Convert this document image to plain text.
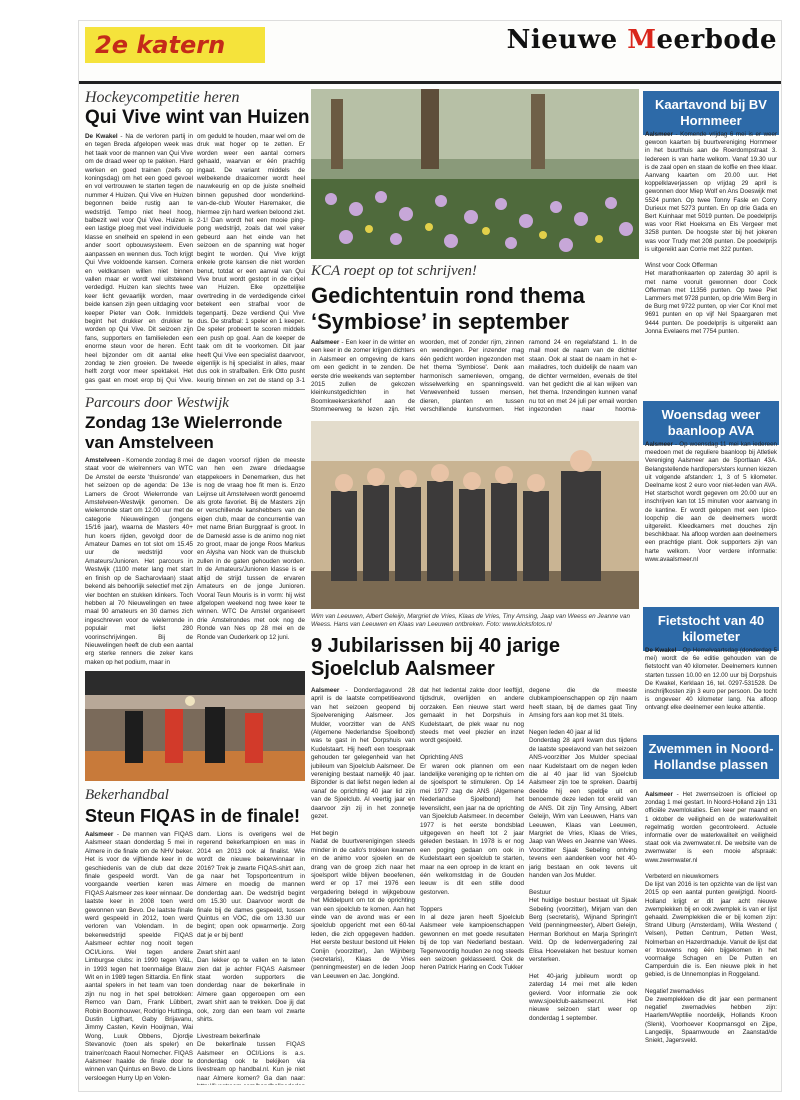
2e katern	Nieuwe Meerbode
Hockeycompetitie heren
Qui Vive wint van Huizen
De Kwakel - Na de verloren partij in en tegen Breda afgelopen week was het taak voor de mannen van Qui Vive om de draad weer op te pakken. Hard werken en goed trainen (zelfs op koningsdag) om het een goed gevoel en vol vertrouwen te starten tegen de nummer 4 Huizen. Qui Vive en Huizen begonnen beide rustig aan te wedstrijd. Tempo niet heel hoog, balbezit wel voor Qui Vive. Huizen is een lastige ploeg met veel individuele klasse en snelheid en spelend in een ander soort opbouwsysteem. Even aanpassen en wennen dus. Toch krijgt Qui Vive voldoende kansen. Cornera en veldkansen willen niet binnen vallen maar er wordt wel uitstekend verdedigd. Huizen kan slechts twee keer licht gevaarlijk worden, maar beide kansen zijn geen uitdaging voor keeper Pieter van Oolk. Inmiddels begint het drukker en drukker te worden op Qui Vive. Dit seizoen zijn fans, supporters en familieleden een enorme steun voor de heren. Echt heel bijzonder om dit aantal elke zondag te zien groeien. De tweede helft zorgt voor meer spektakel. Het gas gaat en moet erop bij Qui Vive.
om geduld te houden, maar wel om de druk wat hoger op te zetten. Er worden weer een aantal corners gehaald, waarvan er één prachtig ingaat. De variant middels de welbekende draaicorner wordt heel nauwkeurig en op de juiste snelheid binnen gepushed door wonderkind-van-de-club Wouter Haremaker, die hiermee zijn hard werken beloond ziet. 2-1! Dan wordt het een mooie ping-pong wedstrijd, zoals dat wel vaker gebeurd aan het einde van het seizoen en de spanning wat hoger begint te worden. Qui Vive krijgt enkele grote kansen die niet worden benut, totdat er een aanval van Qui Vive bruut wordt gestopt in de cirkel van Huizen. Elke opzettelijke overtreding in de verdedigende cirkel betekent een strafbal voor de tegenpartij. Deze verdiend Qui Vive dus. De strafbal: 1 speler en 1 keeper. De speler probeert te scoren middels een push op goal. Aan de keeper de taak om dit te voorkomen. Dit jaar heeft Qui Vive een specialist daarvoor, eigenlijk is hij specialist in alles, maar dus ook in strafballen. Erik Otto pusht keurig binnen en zet de stand op 3-1
KCA roept op tot schrijven!
Gedichtentuin rond thema
‘Symbiose’ in september
Aalsmeer - Een keer in de winter en een keer in de zomer krijgen dichters in Aalsmeer en omgeving de kans om een gedicht in te zenden. De eerste drie weekends van september 2015 zullen de gekozen kleinkunstgedichten in het Boomkwekerskerkhof aan de Stommeerweg te lezen zijn. Het
woorden, met of zonder rijm, zinnen en wendingen. Per inzender mag één gedicht worden ingezonden met het thema 'Symbiose'. Denk aan harmonisch samenleven, omgang, wisselwerking en spanningsveld. Verwevenheid tussen mensen, dieren, planten en tussen verschillende kunstvormen. Het
ramond 24 en regelafstand 1. In de mail moet de naam van de dichter staan. Ook al staat de naam in het e-mailadres, toch duidelijk de naam van de dichter vermelden, evenals de titel van het gedicht die al kan wijken van het thema. Inzendingen kunnen vanaf nu tot en met 24 juli per email worden ingezonden naar hoorna-
Parcours door Westwijk
Zondag 13e Wielerronde
van Amstelveen
Amstelveen - Komende zondag 8 mei staat voor de wielrenners van WTC De Amstel de eerste 'thuisronde' van het seizoen op de agenda: De 13e Lamers de Groot Wielerronde van Amstelveen-Westwijk genomen. De wielerronde start om 12.00 uur met de categorie Nieuwelingen (jongens 15/16 jaar), waarna de Masters 40+ hun koers rijden, gevolgd door de Amateur Dames en tot slot om 15.45 uur de wedstrijd voor Amateurs/Junioren. Het parcours in Westwijk (1100 meter lang met start en finish op de Sacharovlaan) staat bekend als behoorlijk selectief met zijn vier bochten en stukken klinkers. Toch hebben al 70 Nieuwelingen en twee maal 90 amateurs en 30 dames zich ingeschreven voor de wielerronde in populair met liefst 280 voorinschrijvingen. Bij de Nieuwelingen heeft de club een aantal erg sterke renners die zeker kans maken op het podium, maar in
de dagen voorsof rijden de meeste van hen een zware driedaagse etappekoers in Denemarken, dus het is nog de vraag hoe fit men is. Enzo Leijnse uit Amstelveen wordt genoemd als grote favoriet. Bij de Masters zijn er verschillende kanshebbers van de eigen club, maar de concurrentie van met name Brian Burggraaf is groot. In de Dameskl asse is de animo nog niet zo groot, maar de jonge Roos Markus en Alysha van Nock van de thuisclub zullen in de gaten gehouden worden. In de Amateurs/Junioren klasse is er altijd de strijd tussen de ervaren Amateurs en de jonge Junioren. Vooral Teun Mouris is in vorm: hij wist afgelopen weekend nog twee keer te winnen. WTC De Amstel organiseert drie Amstelrondes met ook nog de Ronde van Nes op 28 mei en de Ronde van Ouderkerk op 12 juni.
Wim van Leeuwen, Albert Geleijn, Margriet de Vries, Klaas de Vries, Tiny Amsing, Jaap van Weess en Jeanne van Weess. Hans van Leeuwen en Klaas van Leeuwen ontbreken. Foto: www.kicksfotos.nl
9 Jubilarissen bij 40 jarige
Sjoelclub Aalsmeer
Aalsmeer - Donderdagavond 28 april is de laatste competitieavond van het seizoen geopend bij Sjoelvereniging Aalsmeer. Jos Mulder, voorzitter van de ANS (Algemene Nederlandse Sjoelbond) was te gast in het Dorpshuis van Kudelstaart. Hij heeft een toespraak gehouden ter gelegenheid van het jubileum van Sjoelclub Aalsmeer. De vereniging bestaat namelijk 40 jaar. Bijzonder is dat liefst negen leden al vanaf de oprichting 40 jaar lid zijn van de Sjoelclub. Al veertig jaar en daarvoor zijn zij in het zonnetje gezet.

Het begin
Nadat de buurtverenigingen steeds minder in de callo's trokken kwamen en de animo voor sjoelen en de drang van de groep zich naar het sjoelsport wilde blijven beoefenen, werd er op 17 mei 1976 een vergadering belegd in wijkgebouw het Middelpunt om tot de oprichting van een sjoelclub te komen. Aan het einde van de avond was er een sjoelclub opgericht met een 60-tal leden, die zich opgegeven hadden. Het eerste bestuur bestond uit Helen Conijn (voorzitter), Jan Wijnberg (secretaris), Klaas de Vries (penningmeester) en de leden Joop van Leeuwen en Jac. Jongkind.
dat het ledental zakte door leeftijd, tijdsdruk, overlijden en andere oorzaken. Een nieuwe start werd gemaakt in het Dorpshuis in Kudelstaart, de plek waar nu nog steeds met veel plezier en inzet wordt gesjoeld.

Oprichting ANS
Er waren ook plannen om een landelijke vereniging op te richten om de sjoelsport te stimuleren. Op 14 mei 1977 zag de ANS (Algemene Nederlandse Sjoelbond) het levenslicht, een jaar na de oprichting van Sjoelclub Aalsmeer. In december 1977 is het eerste bondsblad uitgegeven en heeft tot 2 jaar geleden bestaan. In 1978 is er nog een poging gedaan om ook in Kudelstaart een sjoelclub te starten, maar na een oproep in de krant en één welkomstdag in de Gouden leeuw is dit een stille dood gestorven.

Toppers
In al deze jaren heeft Sjoelclub Aalsmeer vele kampioenschappen gewonnen en met goede resultaten bij de top van Nederland bestaan. Tegenwoordig houden ze nog steeds een seizoen geklasseerd. Ook de heren Patrick Haring en Cock Tukker
degene die de meeste clubkampioenschappen op zijn naam heeft staan, bij de dames gaat Tiny Amsing fors aan kop met 31 titels.

Negen leden 40 jaar al lid
Donderdag 28 april kwam dus tijdens de laatste speelavond van het seizoen ANS-voorzitter Jos Mulder speciaal naar Kudelstaart om de negen leden die al 40 jaar lid van Sjoelclub Aalsmeer zijn toe te spreken. Daarbij deelde hij een speldje uit en benoemde deze leden tot erelid van de ANS. Dit zijn Tiny Amsing, Albert Geleijn, Wim van Leeuwen, Hans van Leeuwen, Klaas van Leeuwen, Margriet de Vries, Klaas de Vries, Jaap van Wees en Jeanne van Wees. Voorzitter Sjaak Sebeling ontving tevens een aandenken voor het 40-jarig bestaan en ook tevens uit handen van Jos Mulder.

Bestuur
Het huidige bestuur bestaat uit Sjaak Sebeling (voorzitter), Mirjam van den Berg (secretaris), Wijnand Springin't Veld (penningmeester), Albert Geleijn, Herman Borkhout en Marja Springin't Veld. Op de ledenvergadering zal Elisa Hoevelaken het bestuur komen versterken.

Het 40-jarig jubileum wordt op zaterdag 14 mei met alle leden gevierd. Voor informatie zie ook www.sjoelclub-aalsmeer.nl. Het nieuwe seizoen start weer op donderdag 1 september.
Bekerhandbal
Steun FIQAS in de finale!
Aalsmeer - De mannen van FIQAS Aalsmeer staan donderdag 5 mei in Almere in de finale om de NHV beker. Het is voor de vijftiende keer in de geschiedenis van de club dat deze finale gespeeld wordt. Van de voorgaande veertien keren was FIQAS Aalsmeer zes keer winnaar. De laatste keer in 2008 toen werd gewonnen van Bevo. De laatste finale werd gespeeld in 2012, toen werd verloren van Volendam. In de bekerwedstrijd speelde FIQAS Aalsmeer echter nog nooit tegen OCI/Lions. Wel tegen andere Limburgse clubs: in 1990 tegen V&L, in 1993 tegen het toenmalige Blauw Wit en in 1989 tegen Sittardia. En flink aantal spelers in het team van toen zijn nu nog in het spel betrokken: Remco van Dam, Frank Lübbert, Robin Boomhouwer, Rodrigo Huttinga, Dustin Ligthart, Gaby Brijavanu, Jimmy Casten, Kevin Hooijman, Wai Wong, Luuk Obbens, Djordje Stevanovic (toen als speler) en trainer/coach Raoul Nomecher. FIQAS Aalsmeer haalde de finale door te winnen van Quintus en Bevo. de Lions versloegen Hurry Up en Volen-
dam. Lions is overigens wel de regerend bekerkampioen en was in 2014 en 2013 ook al finalist. Wie wordt de nieuwe bekerwinnaar in 2016? Trek je zwarte FIQAS-shirt aan, ga naar het Topsportcentrum in Almere en moedig de mannen donderdag aan. De wedstrijd begint om 15.30 uur. Daarvoor wordt de finale bij de dames gespeeld, tussen Quintus en VOC, die om 13.30 uur begint; open ook opwarmertje. Zorg dat je er bij bent!

Zwart shirt aan!
Dan lekker op te vallen en te laten zien dat je achter FIQAS Aalsmeer staat worden supporters die donderdag naar de bekerfinale in Almere gaan opgeroepen om een zwart shirt aan te trekken. Doe jij dat ook, zorg dan een team vol zwarte shirts.

Livestream bekerfinale
De bekerfinale tussen FIQAS Aalsmeer en OCI/Lions is a.s. donderdag ook te bekijken via livestream op handbal.nl. Kun je niet naar Almere komen? Ga dan naar:
Kaartavond bij BV Hornmeer
Aalsmeer - Komende vrijdag 6 mei is er weer gewoon kaarten bij buurtvereniging Hornmeer in het buurthuis aan de Roerdompstraat 3. Iedereen is van harte welkom. Vanaf 19.30 uur is de zaal open en staan de koffie en thee klaar. Aanvang kaarten om 20.00 uur. Het koppelklaverjassen op vrijdag 29 april is gewonnen door Miep Wolf en Ans Doeswijk met 5524 punten. Op twee Tonny Fasle en Corry Durieux met 5273 punten. En op drie Gada en Bert Kuinhaar met 5019 punten. De poedelprijs was voor Riet Hoeksma en Els Vergeer met 3258 punten. De hoogste ster bij het jokeren was voor Trudy met 208 punten. De poedelprijs is uitgereikt aan Corrie met 322 punten.

Winst voor Cock Offerman
Het marathonkaarten op zaterdag 30 april is met name vooruit gewonnen door Cock Offerman met 11356 punten. Op twee Piet Lammers met 9728 punten, op drie Wim Berg in de Burg met 9722 punten, op vier Cor Knol met 9691 punten en op vijf Nel Spaargaren met 9444 punten. De poedelprijs is uitgereikt aan Jonna Evelaens met 7754 punten.
Woensdag weer baanloop AVA
Aalsmeer - Op woensdag 11 mei kan iedereen meedoen met de reguliere baanloop bij Atletiek Vereniging Aalsmeer aan de Sportlaan 43A. Belangstellende hardlopers/sters kunnen kiezen uit volgende afstanden: 1, 3 of 5 kilometer. Deelname kost 2 euro voor niet-leden van AVA. Het startschot wordt gegeven om 20.00 uur en inschrijven kan tot 15 minuten voor aanvang in de kantine. Er wordt gelopen met een Ipico-loopchip die aan de deelnemers wordt uitgereikt. Kleedkamers met douches zijn beschikbaar. Na afloop worden aan deelnemers een prachtige plant. Ook supporters zijn van harte welkom. Voor verdere informatie: www.avaalsmeer.nl
Fietstocht van 40 kilometer
De Kwakel - Op Hemelvaartsdag (donderdag 5 mei) wordt de 6e editie gehouden van de fietstocht van 40 kilometer. Deelnemers kunnen starten tussen 10.00 en 12.00 uur bij Dorpshuis De Kwakel, Kerklaan 16, tel. 0297-531528. De inschrijfkosten zijn 3 euro per persoon. De tocht is ongeveer 40 kilometer lang. Na afloop ontvangt elke deelnemer een leuke attentie.
Zwemmen in Noord-Hollandse plassen
Aalsmeer - Het zwemseizoen is officieel op zondag 1 mei gestart. In Noord-Holland zijn 131 officiële zwemlokaties. Een keer per maand en 1 oktober de veiligheid en de waterkwaliteit regelmatig worden gecontroleerd. Actuele informatie over de waterkwaliteit en veiligheid staat ook via zwemwater.nl. De website van de zwemwater is een mooie afspraak: www.zwemwater.nl

Verbeterd en nieuwkomers
De lijst van 2016 is ten opzichte van de lijst van 2015 op een aantal punten gewijzigd. Noord-Holland krijgt er dit jaar acht nieuwe zwemplekken bij en ook zwemplek is van er lijst gehaald. Zwemplekken die er bij komen zijn: Strand Ulburg (Amsterdam), Willa Westend ( Velsen), Petten Centrum, Petten West, Nolmerban en Hazerdmaduje. Vanuit de lijst dat er trouwens nog één bijgekomen in het voormalige Schagen en De Putten en Camperduin die is. Een nieuwe plek in het gebied, is de Unnemonplas in Roggeland.

Negatief zwemadvies
De zwemplekken die dit jaar een permanent negatief zwemadvies hebben zijn: Haarlem/Weptilie noordelijk, Hollands Kroon (Slenk), Voorhoever Koopmansgol en Zijpe, Langedijk, Spaarnwoude en Zaanstad/de Sniekt, Jagersveld.
